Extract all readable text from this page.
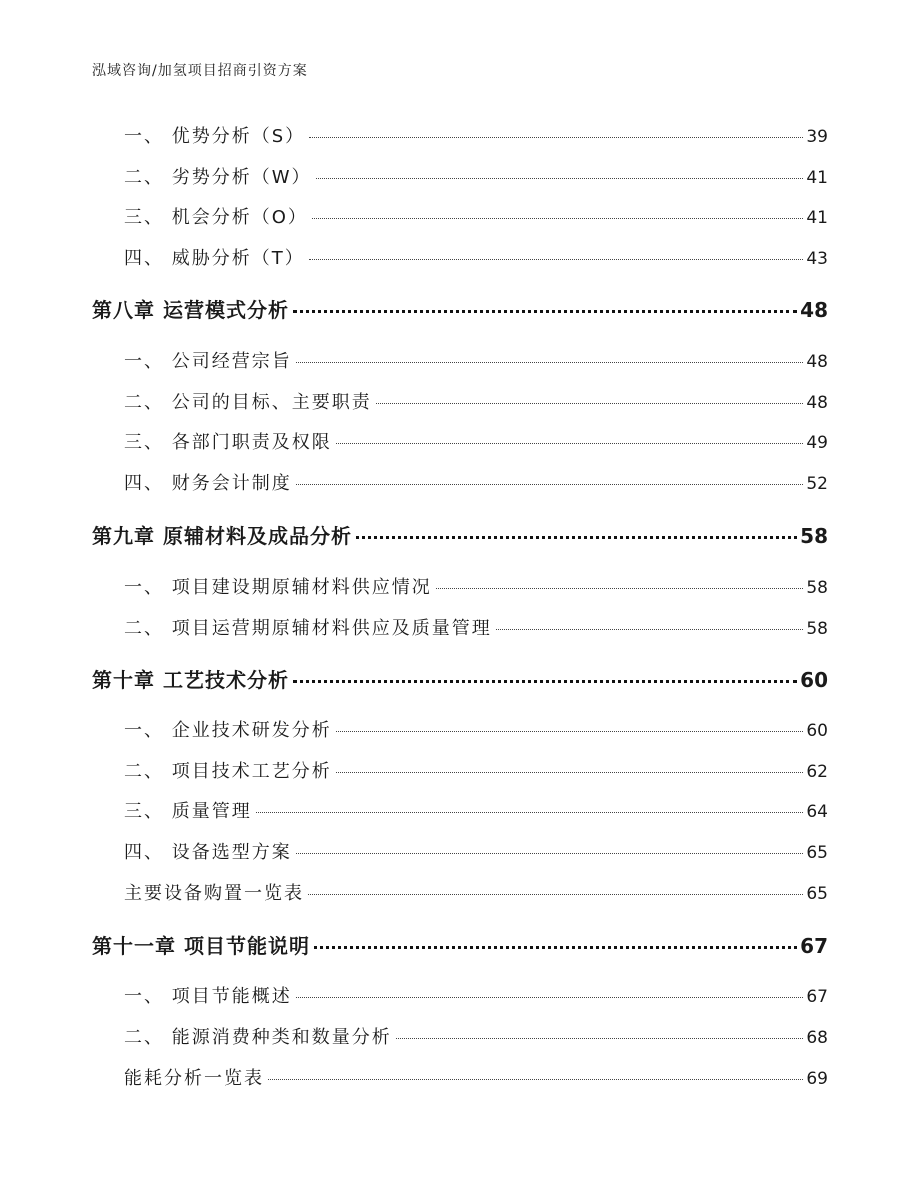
泓域咨询/加氢项目招商引资方案
一、 优势分析（S）	39
二、 劣势分析（W）	41
三、 机会分析（O）	41
四、 威胁分析（T）	43
第八章 运营模式分析	48
一、 公司经营宗旨	48
二、 公司的目标、主要职责	48
三、 各部门职责及权限	49
四、 财务会计制度	52
第九章 原辅材料及成品分析	58
一、 项目建设期原辅材料供应情况	58
二、 项目运营期原辅材料供应及质量管理	58
第十章 工艺技术分析	60
一、 企业技术研发分析	60
二、 项目技术工艺分析	62
三、 质量管理	64
四、 设备选型方案	65
主要设备购置一览表	65
第十一章 项目节能说明	67
一、 项目节能概述	67
二、 能源消费种类和数量分析	68
能耗分析一览表	69
